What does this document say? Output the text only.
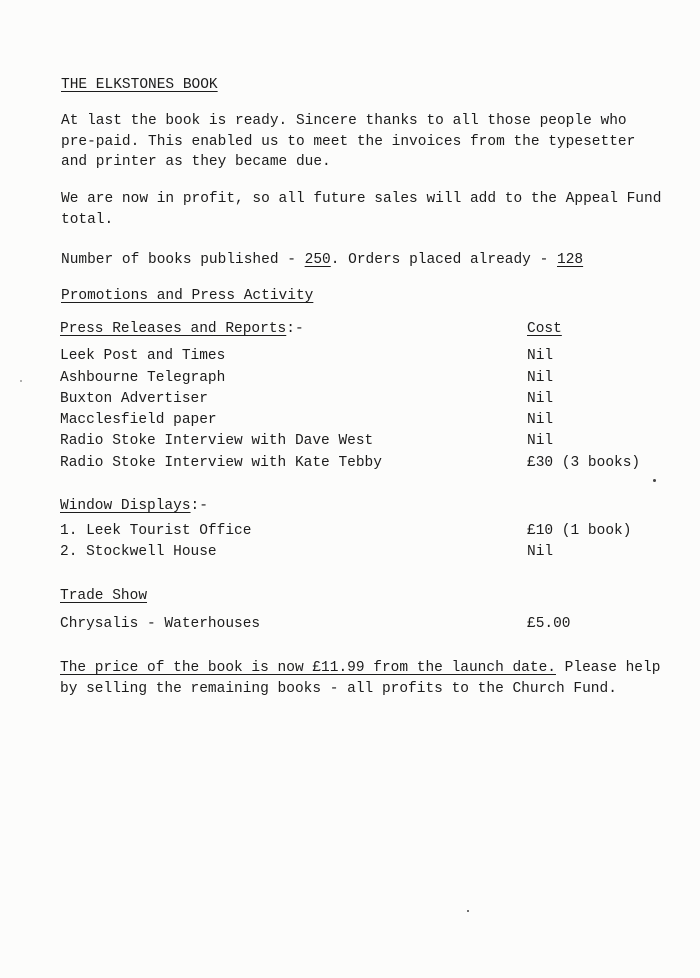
THE ELKSTONES BOOK
At last the book is ready. Sincere thanks to all those people who
pre-paid. This enabled us to meet the invoices from the typesetter
and printer as they became due.
We are now in profit, so all future sales will add to the Appeal Fund
total.
Number of books published - 250. Orders placed already - 128
Promotions and Press Activity
Press Releases and Reports:-	Cost
Leek Post and Times	Nil
Ashbourne Telegraph	Nil
Buxton Advertiser	Nil
Macclesfield paper	Nil
Radio Stoke Interview with Dave West	Nil
Radio Stoke Interview with Kate Tebby	£30 (3 books)
Window Displays:-
1. Leek Tourist Office	£10 (1 book)
2. Stockwell House	Nil
Trade Show
Chrysalis - Waterhouses	£5.00
The price of the book is now £11.99 from the launch date. Please help
by selling the remaining books - all profits to the Church Fund.
